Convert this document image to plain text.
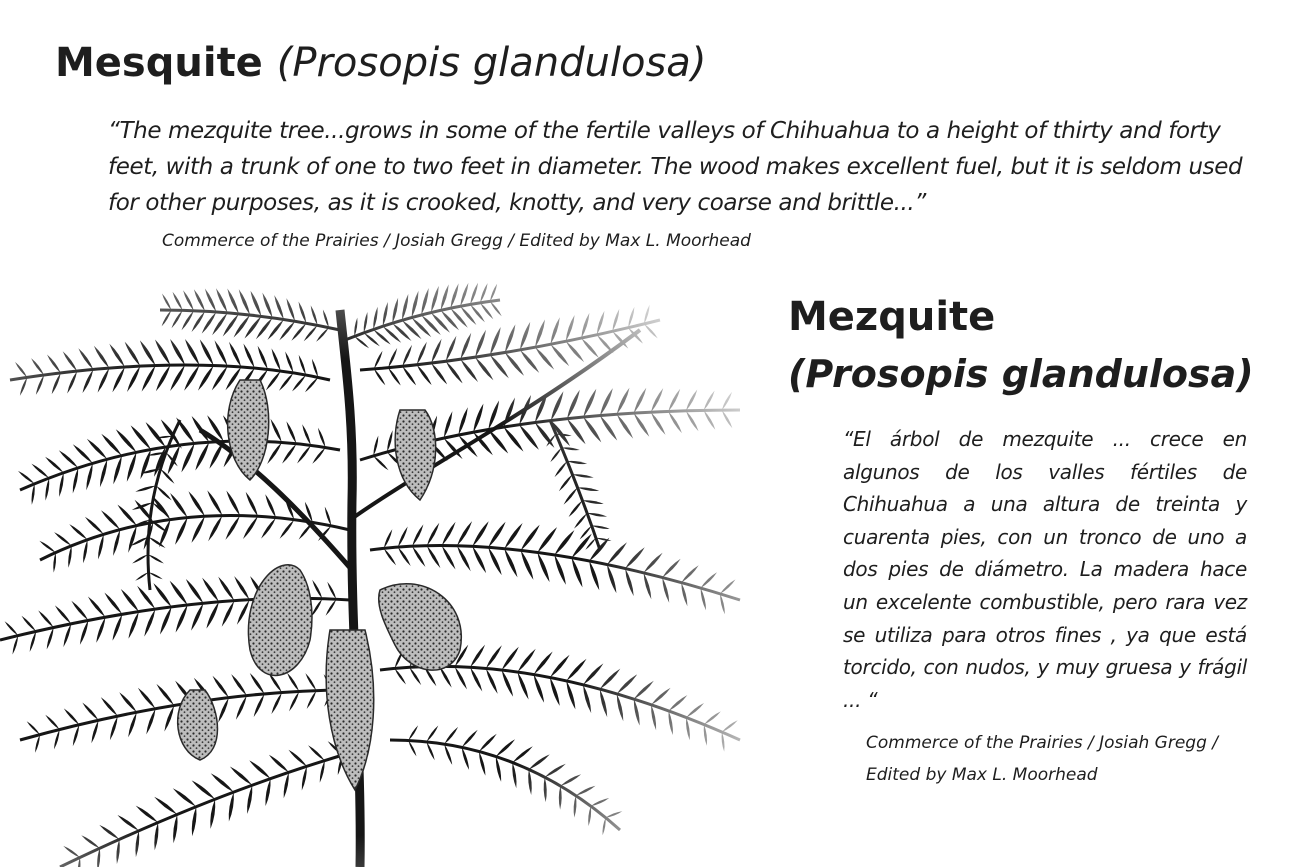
Mesquite (Prosopis glandulosa)

“The mezquite tree...grows in some of the fertile valleys of Chihuahua to a height of thirty and forty feet, with a trunk of one to two feet in diameter. The wood makes excellent fuel, but it is seldom used for other purposes, as it is crooked, knotty, and very coarse and brittle...”

Commerce of the Prairies / Josiah Gregg / Edited by Max L. Moorhead

Mezquite
(Prosopis glandulosa)

“El árbol de mezquite ... crece en algunos de los valles fértiles de Chihuahua a una altura de treinta y cuarenta pies, con un tronco de uno a dos pies de diámetro. La madera hace un excelente combustible, pero rara vez se utiliza para otros fines , ya que está torcido, con nudos, y muy gruesa y frágil ... “

Commerce of the Prairies / Josiah Gregg / Edited by Max L. Moorhead
